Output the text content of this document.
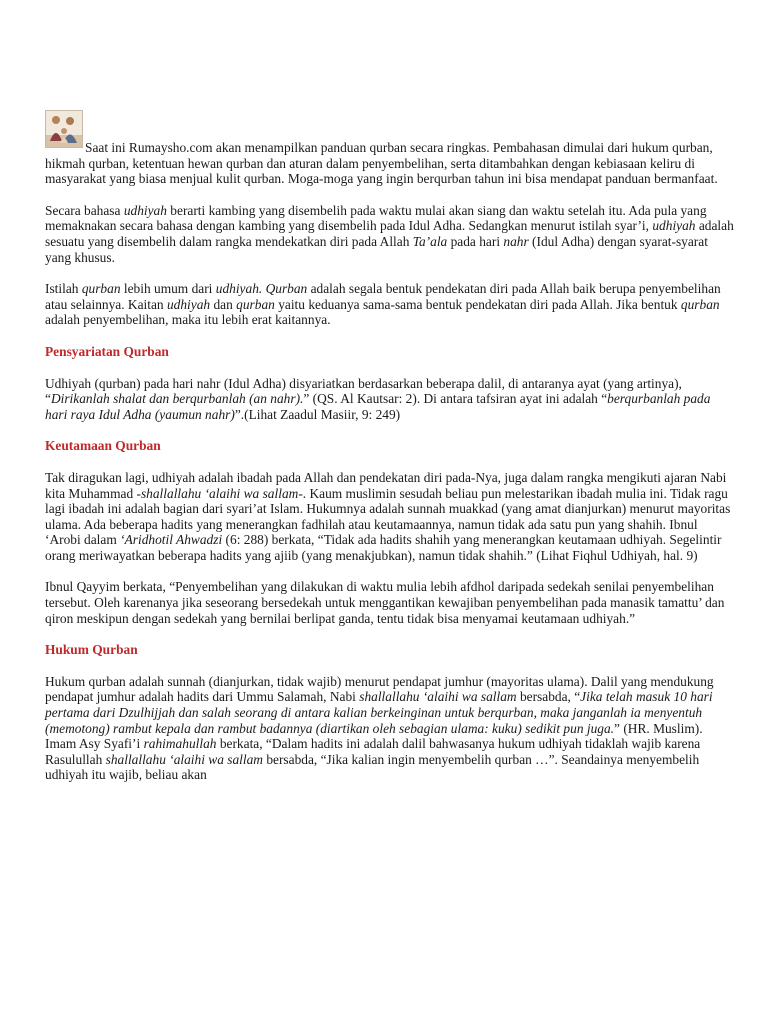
Saat ini Rumaysho.com akan menampilkan panduan qurban secara ringkas. Pembahasan dimulai dari hukum qurban, hikmah qurban, ketentuan hewan qurban dan aturan dalam penyembelihan, serta ditambahkan dengan kebiasaan keliru di masyarakat yang biasa menjual kulit qurban. Moga-moga yang ingin berqurban tahun ini bisa mendapat panduan bermanfaat.

Secara bahasa udhiyah berarti kambing yang disembelih pada waktu mulai akan siang dan waktu setelah itu. Ada pula yang memaknakan secara bahasa dengan kambing yang disembelih pada Idul Adha. Sedangkan menurut istilah syar’i, udhiyah adalah sesuatu yang disembelih dalam rangka mendekatkan diri pada Allah Ta’ala pada hari nahr (Idul Adha) dengan syarat-syarat yang khusus.

Istilah qurban lebih umum dari udhiyah. Qurban adalah segala bentuk pendekatan diri pada Allah baik berupa penyembelihan atau selainnya. Kaitan udhiyah dan qurban yaitu keduanya sama-sama bentuk pendekatan diri pada Allah. Jika bentuk qurban adalah penyembelihan, maka itu lebih erat kaitannya.

Pensyariatan Qurban

Udhiyah (qurban) pada hari nahr (Idul Adha) disyariatkan berdasarkan beberapa dalil, di antaranya ayat (yang artinya), “Dirikanlah shalat dan berqurbanlah (an nahr).” (QS. Al Kautsar: 2). Di antara tafsiran ayat ini adalah “berqurbanlah pada hari raya Idul Adha (yaumun nahr)”.(Lihat Zaadul Masiir, 9: 249)

Keutamaan Qurban

Tak diragukan lagi, udhiyah adalah ibadah pada Allah dan pendekatan diri pada-Nya, juga dalam rangka mengikuti ajaran Nabi kita Muhammad -shallallahu ‘alaihi wa sallam-. Kaum muslimin sesudah beliau pun melestarikan ibadah mulia ini. Tidak ragu lagi ibadah ini adalah bagian dari syari’at Islam. Hukumnya adalah sunnah muakkad (yang amat dianjurkan) menurut mayoritas ulama. Ada beberapa hadits yang menerangkan fadhilah atau keutamaannya, namun tidak ada satu pun yang shahih. Ibnul ‘Arobi dalam ‘Aridhotil Ahwadzi (6: 288) berkata, “Tidak ada hadits shahih yang menerangkan keutamaan udhiyah. Segelintir orang meriwayatkan beberapa hadits yang ajiib (yang menakjubkan), namun tidak shahih.” (Lihat Fiqhul Udhiyah, hal. 9)

Ibnul Qayyim berkata, “Penyembelihan yang dilakukan di waktu mulia lebih afdhol daripada sedekah senilai penyembelihan tersebut. Oleh karenanya jika seseorang bersedekah untuk menggantikan kewajiban penyembelihan pada manasik tamattu’ dan qiron meskipun dengan sedekah yang bernilai berlipat ganda, tentu tidak bisa menyamai keutamaan udhiyah.”

Hukum Qurban

Hukum qurban adalah sunnah (dianjurkan, tidak wajib) menurut pendapat jumhur (mayoritas ulama). Dalil yang mendukung pendapat jumhur adalah hadits dari Ummu Salamah, Nabi shallallahu ‘alaihi wa sallam bersabda, “Jika telah masuk 10 hari pertama dari Dzulhijjah dan salah seorang di antara kalian berkeinginan untuk berqurban, maka janganlah ia menyentuh (memotong) rambut kepala dan rambut badannya (diartikan oleh sebagian ulama: kuku) sedikit pun juga.” (HR. Muslim). Imam Asy Syafi’i rahimahullah berkata, “Dalam hadits ini adalah dalil bahwasanya hukum udhiyah tidaklah wajib karena Rasulullah shallallahu ‘alaihi wa sallam bersabda, “Jika kalian ingin menyembelih qurban …”. Seandainya menyembelih udhiyah itu wajib, beliau akan
